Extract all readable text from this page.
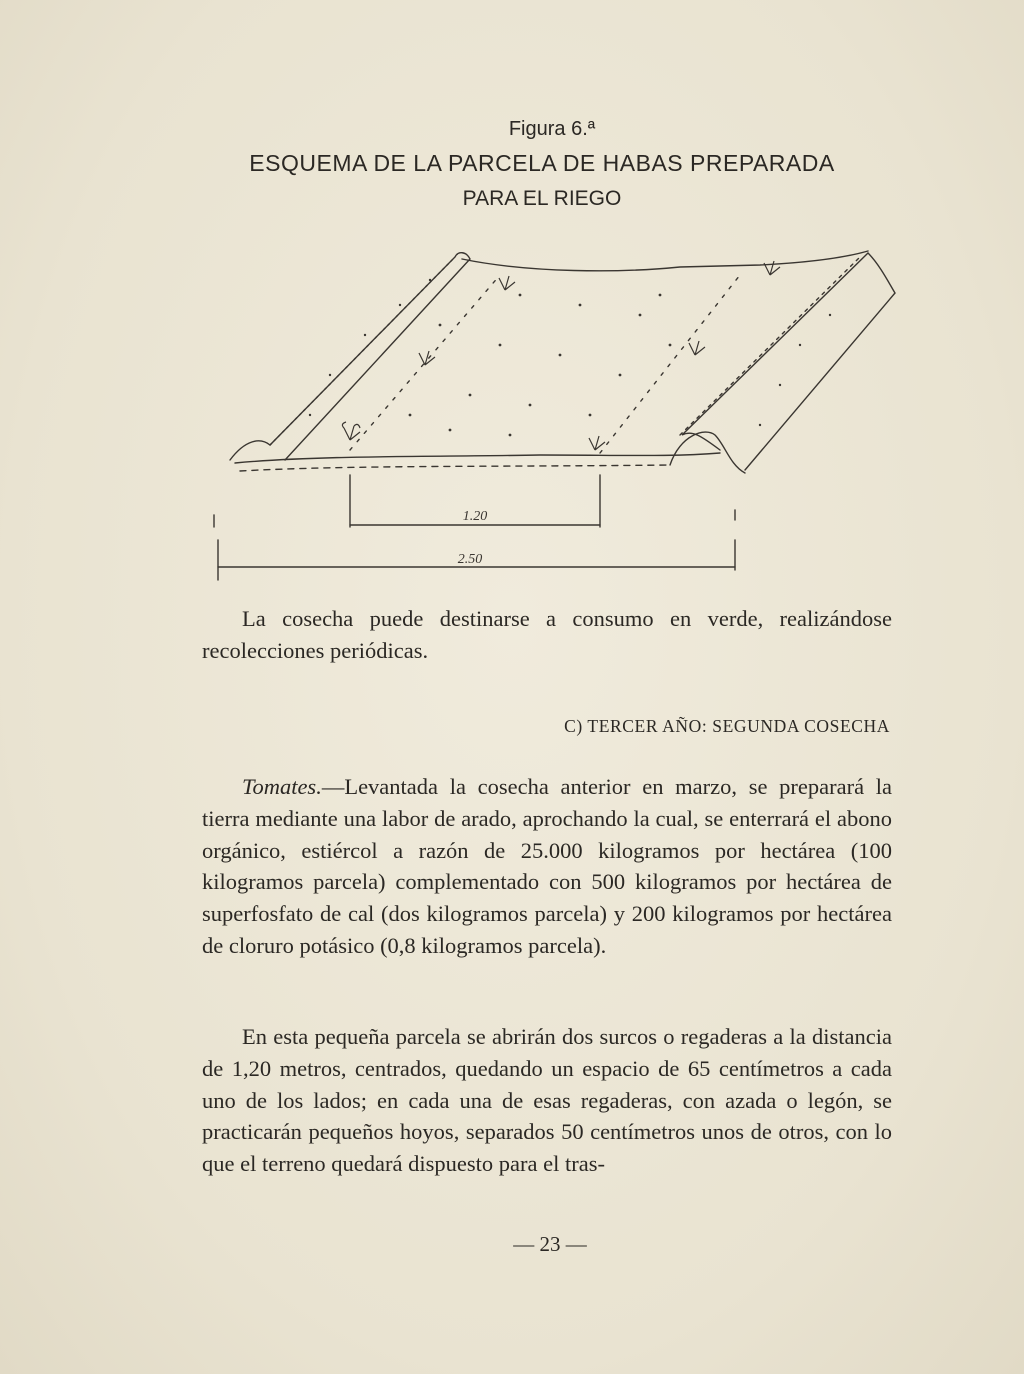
Figura 6.ª
ESQUEMA DE LA PARCELA DE HABAS PREPARADA
PARA EL RIEGO
1.20
2.50

La cosecha puede destinarse a consumo en verde, realizándose recolecciones periódicas.

C) TERCER AÑO: SEGUNDA COSECHA

Tomates.—Levantada la cosecha anterior en marzo, se preparará la tierra mediante una labor de arado, aprochando la cual, se enterrará el abono orgánico, estiércol a razón de 25.000 kilogramos por hectárea (100 kilogramos parcela) complementado con 500 kilogramos por hectárea de superfosfato de cal (dos kilogramos parcela) y 200 kilogramos por hectárea de cloruro potásico (0,8 kilogramos parcela).

En esta pequeña parcela se abrirán dos surcos o regaderas a la distancia de 1,20 metros, centrados, quedando un espacio de 65 centímetros a cada uno de los lados; en cada una de esas regaderas, con azada o legón, se practicarán pequeños hoyos, separados 50 centímetros unos de otros, con lo que el terreno quedará dispuesto para el tras-

— 23 —
